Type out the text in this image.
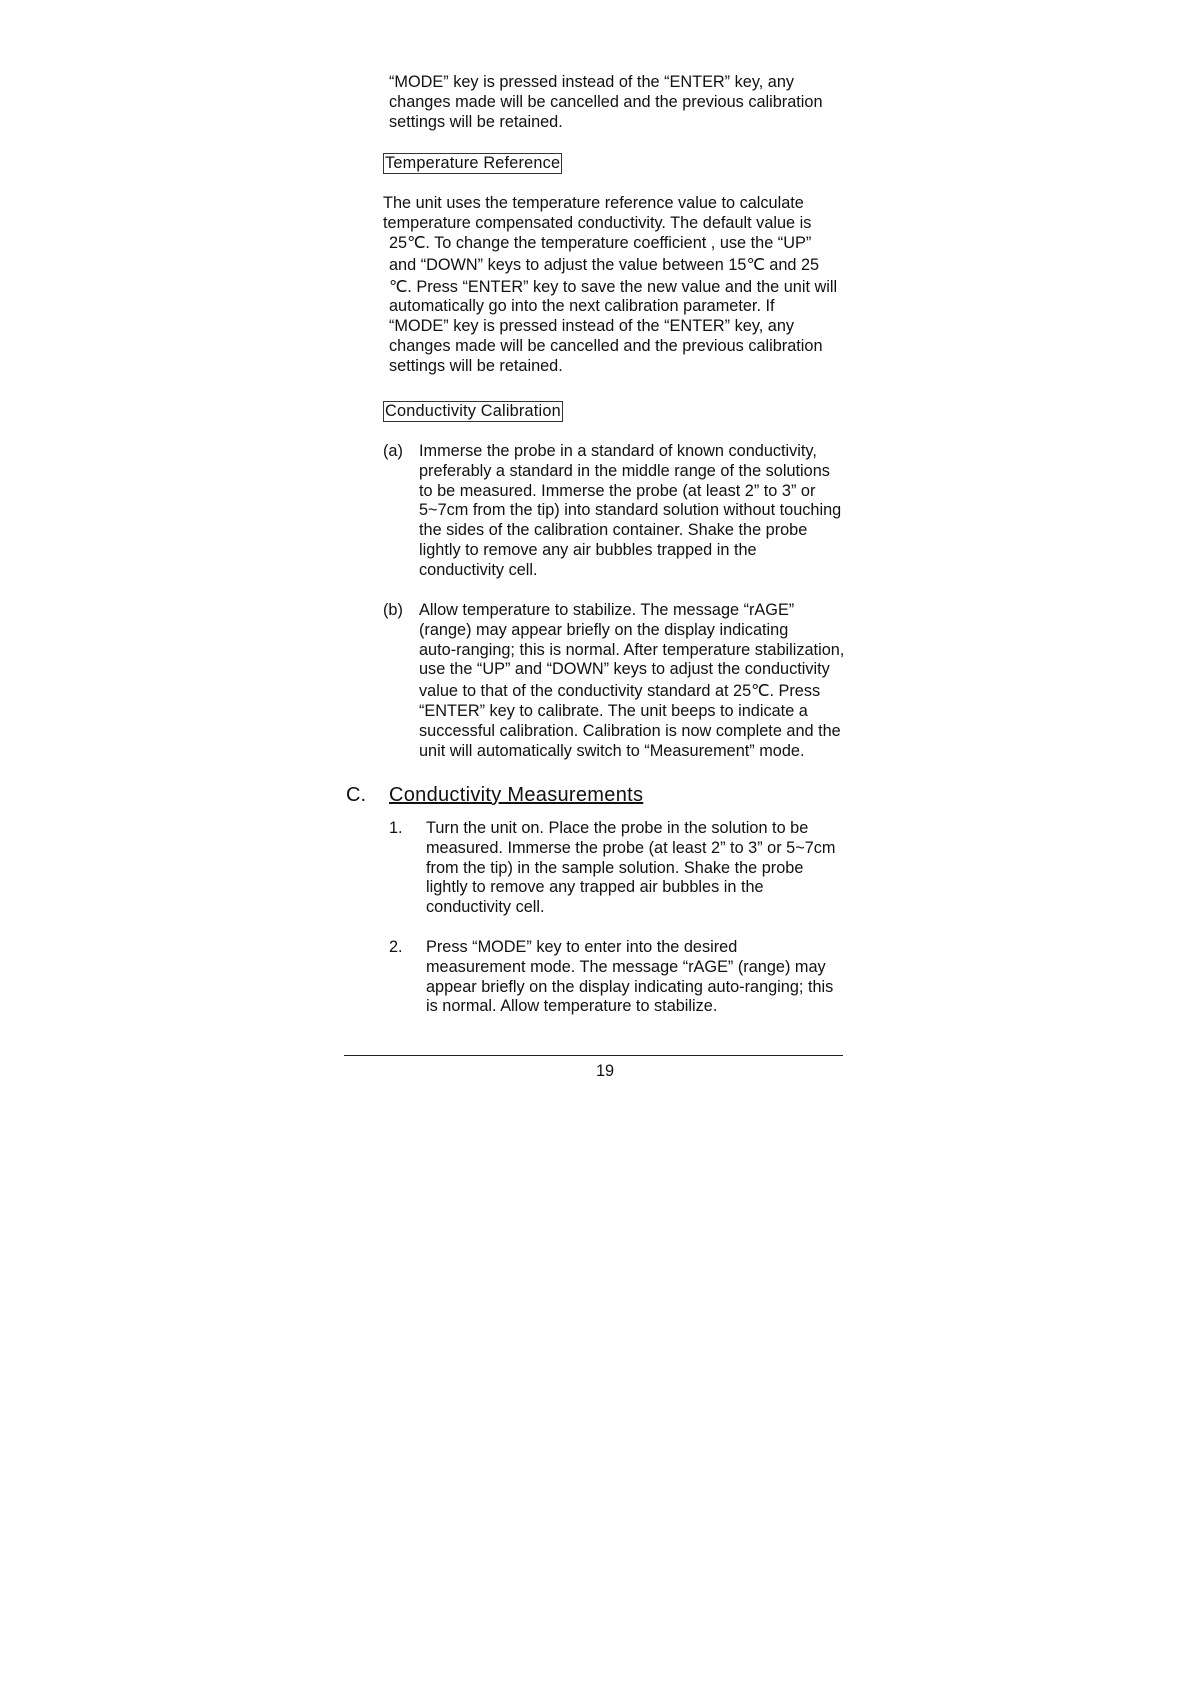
“MODE” key is pressed instead of the “ENTER” key, any
changes made will be cancelled and the previous calibration
settings will be retained.
Temperature Reference
The unit uses the temperature reference value to calculate
temperature compensated conductivity. The default value is
25℃. To change the temperature coefficient , use the “UP”
and “DOWN” keys to adjust the value between 15℃ and 25
℃. Press “ENTER” key to save the new value and the unit will
automatically go into the next calibration parameter. If
“MODE” key is pressed instead of the “ENTER” key, any
changes made will be cancelled and the previous calibration
settings will be retained.
Conductivity Calibration
(a) Immerse the probe in a standard of known conductivity,
preferably a standard in the middle range of the solutions
to be measured. Immerse the probe (at least 2” to 3” or
5~7cm from the tip) into standard solution without touching
the sides of the calibration container. Shake the probe
lightly to remove any air bubbles trapped in the
conductivity cell.
(b) Allow temperature to stabilize. The message “rAGE”
(range) may appear briefly on the display indicating
auto-ranging; this is normal. After temperature stabilization,
use the “UP” and “DOWN” keys to adjust the conductivity
value to that of the conductivity standard at 25℃. Press
“ENTER” key to calibrate. The unit beeps to indicate a
successful calibration. Calibration is now complete and the
unit will automatically switch to “Measurement” mode.
C. Conductivity Measurements
1. Turn the unit on. Place the probe in the solution to be
measured. Immerse the probe (at least 2” to 3” or 5~7cm
from the tip) in the sample solution. Shake the probe
lightly to remove any trapped air bubbles in the
conductivity cell.
2. Press “MODE” key to enter into the desired
measurement mode. The message “rAGE” (range) may
appear briefly on the display indicating auto-ranging; this
is normal. Allow temperature to stabilize.
19
